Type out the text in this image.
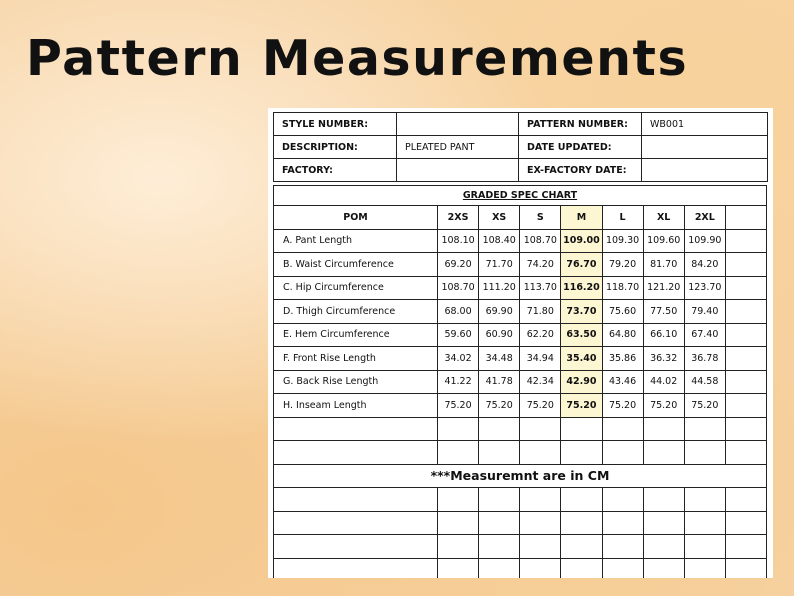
Pattern Measurements
STYLE NUMBER:		PATTERN NUMBER:	WB001
DESCRIPTION:	PLEATED PANT	DATE UPDATED:	
FACTORY:		EX-FACTORY DATE:	
GRADED SPEC CHART								
POM	2XS	XS	S	M	L	XL	2XL	
A. Pant Length	108.10	108.40	108.70	109.00	109.30	109.60	109.90	
B. Waist Circumference	69.20	71.70	74.20	76.70	79.20	81.70	84.20	
C. Hip Circumference	108.70	111.20	113.70	116.20	118.70	121.20	123.70	
D. Thigh Circumference	68.00	69.90	71.80	73.70	75.60	77.50	79.40	
E. Hem Circumference	59.60	60.90	62.20	63.50	64.80	66.10	67.40	
F. Front Rise Length	34.02	34.48	34.94	35.40	35.86	36.32	36.78	
G. Back Rise Length	41.22	41.78	42.34	42.90	43.46	44.02	44.58	
H. Inseam Length	75.20	75.20	75.20	75.20	75.20	75.20	75.20	

***Measuremnt are in CM								
